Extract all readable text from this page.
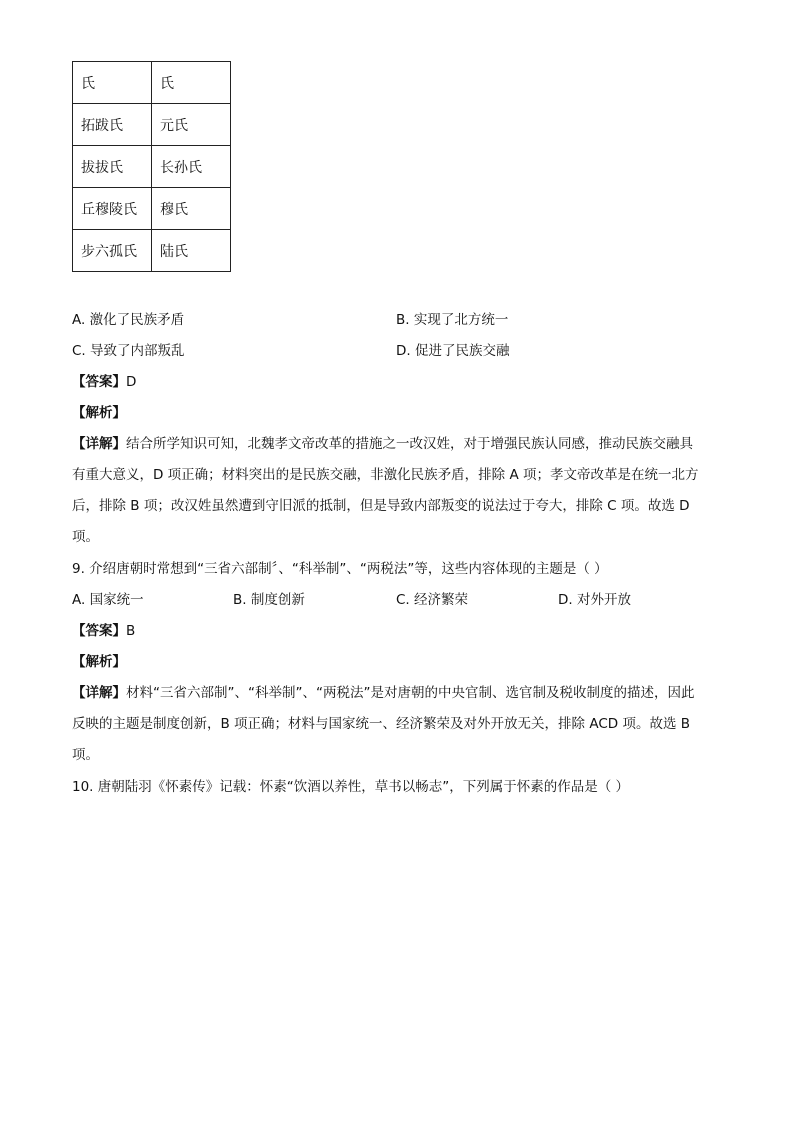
氏	氏
拓跋氏	元氏
拔拔氏	长孙氏
丘穆陵氏	穆氏
步六孤氏	陆氏
A. 激化了民族矛盾	B. 实现了北方统一
C. 导致了内部叛乱	D. 促进了民族交融
【答案】D
【解析】
【详解】结合所学知识可知，北魏孝文帝改革的措施之一改汉姓，对于增强民族认同感，推动民族交融具
有重大意义，D 项正确；材料突出的是民族交融，非激化民族矛盾，排除 A 项；孝文帝改革是在统一北方
后，排除 B 项；改汉姓虽然遭到守旧派的抵制，但是导致内部叛变的说法过于夸大，排除 C 项。故选 D
项。
9. 介绍唐朝时常想到“三省六部制〞、“科举制”、“两税法”等，这些内容体现的主题是（ ）
A. 国家统一	B. 制度创新	C. 经济繁荣	D. 对外开放
【答案】B
【解析】
【详解】材料“三省六部制”、“科举制”、“两税法”是对唐朝的中央官制、选官制及税收制度的描述，因此
反映的主题是制度创新，B 项正确；材料与国家统一、经济繁荣及对外开放无关，排除 ACD 项。故选 B
项。
10. 唐朝陆羽《怀素传》记载：怀素“饮酒以养性，草书以畅志”，下列属于怀素的作品是（ ）
